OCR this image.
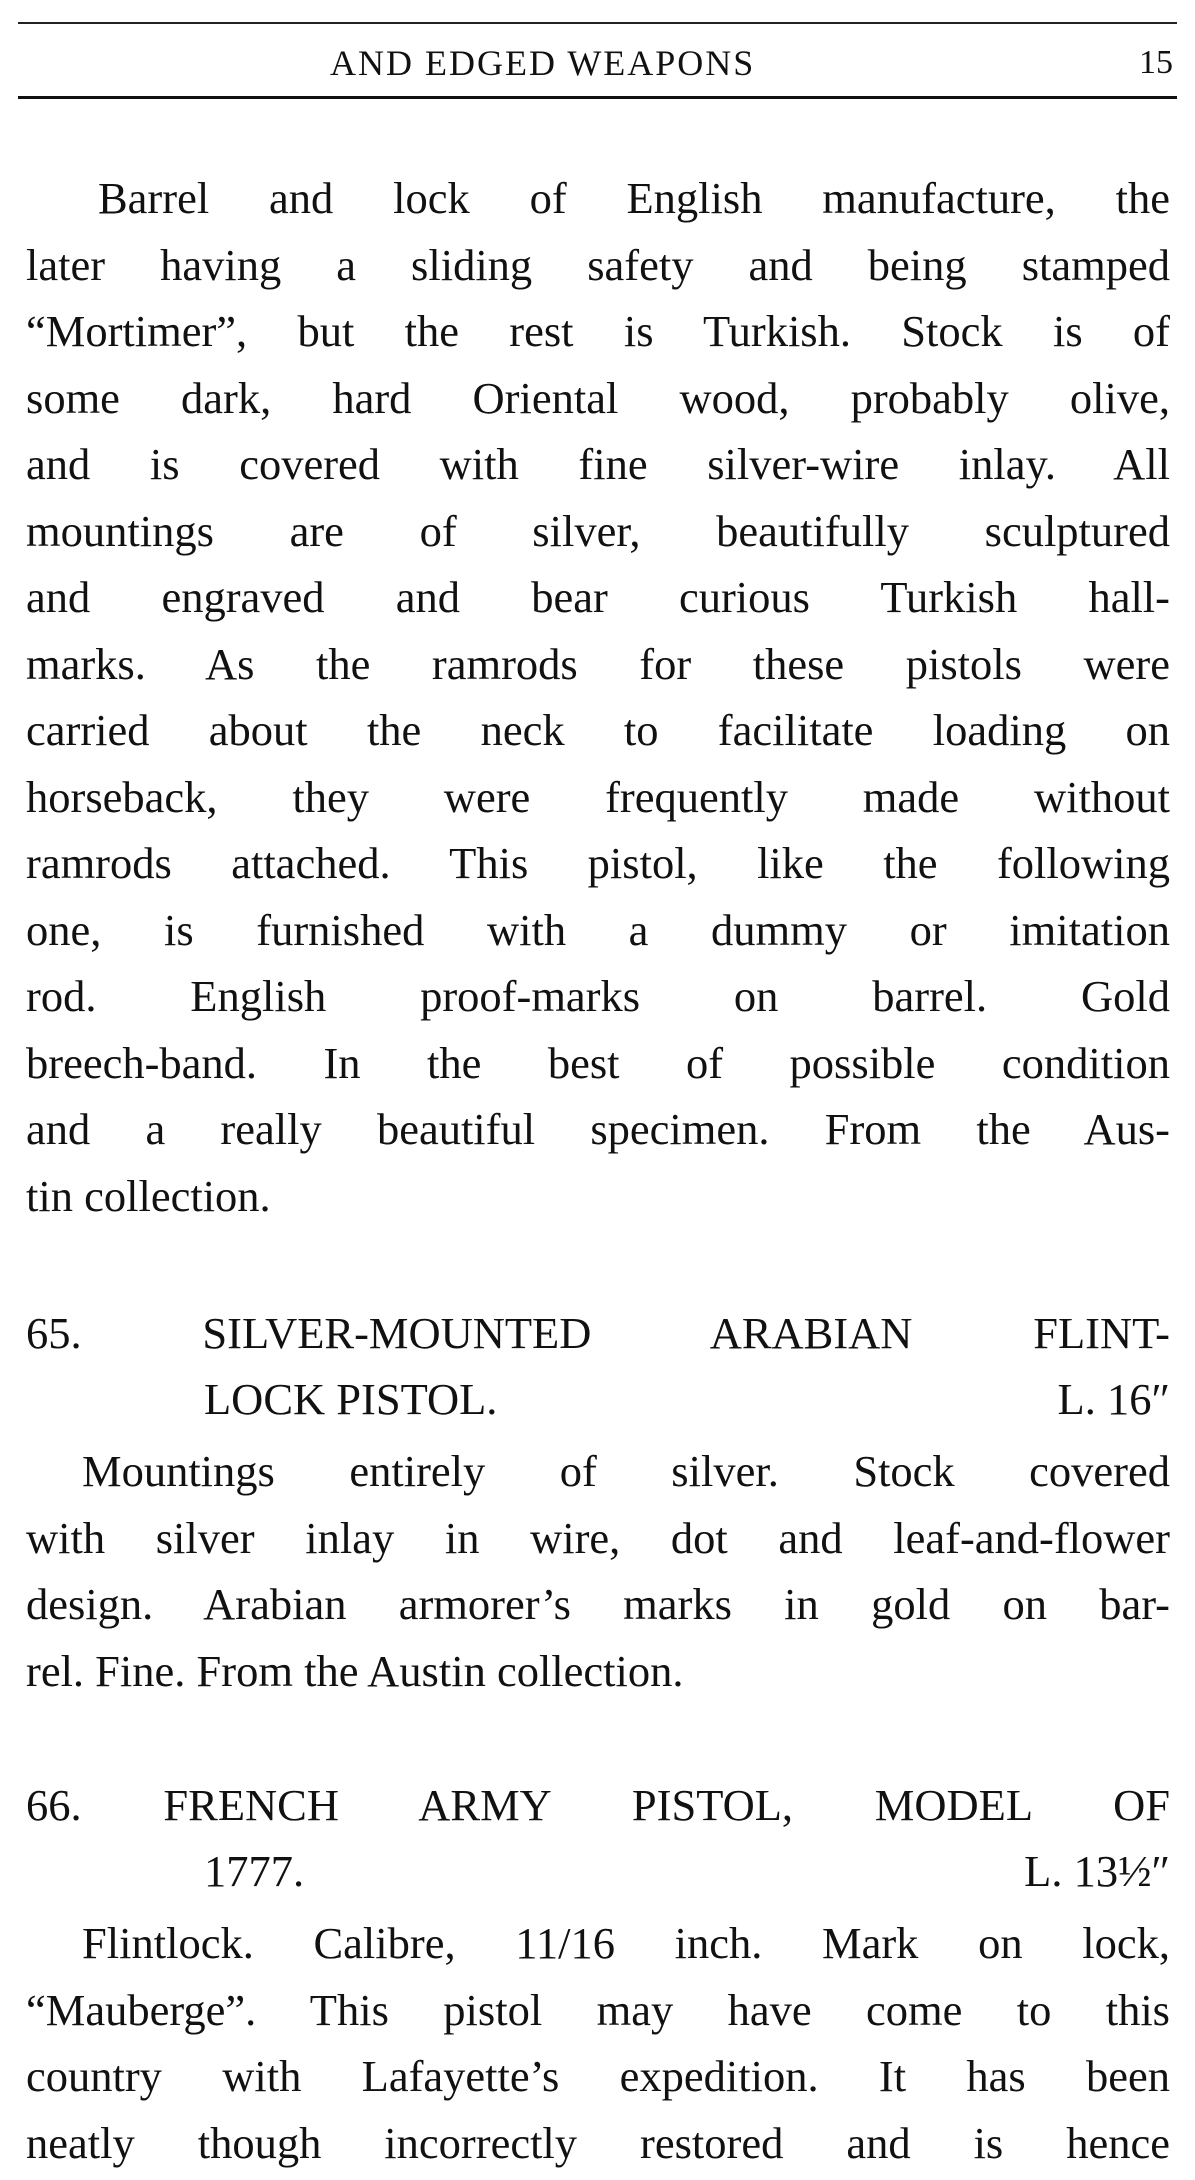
AND EDGED WEAPONS	15
Barrel and lock of English manufacture, the
later having a sliding safety and being stamped
“Mortimer”, but the rest is Turkish. Stock is of
some dark, hard Oriental wood, probably olive,
and is covered with fine silver-wire inlay. All
mountings are of silver, beautifully sculptured
and engraved and bear curious Turkish hall-
marks. As the ramrods for these pistols were
carried about the neck to facilitate loading on
horseback, they were frequently made without
ramrods attached. This pistol, like the following
one, is furnished with a dummy or imitation
rod. English proof-marks on barrel. Gold
breech-band. In the best of possible condition
and a really beautiful specimen. From the Aus-
tin collection.
65.	SILVER-MOUNTED ARABIAN FLINT-
LOCK PISTOL.	L. 16″
Mountings entirely of silver. Stock covered
with silver inlay in wire, dot and leaf-and-flower
design. Arabian armorer’s marks in gold on bar-
rel. Fine. From the Austin collection.
66. FRENCH ARMY PISTOL, MODEL OF
1777.	L. 13½″
Flintlock. Calibre, 11/16 inch. Mark on lock,
“Mauberge”. This pistol may have come to this
country with Lafayette’s expedition. It has been
neatly though incorrectly restored and is hence
